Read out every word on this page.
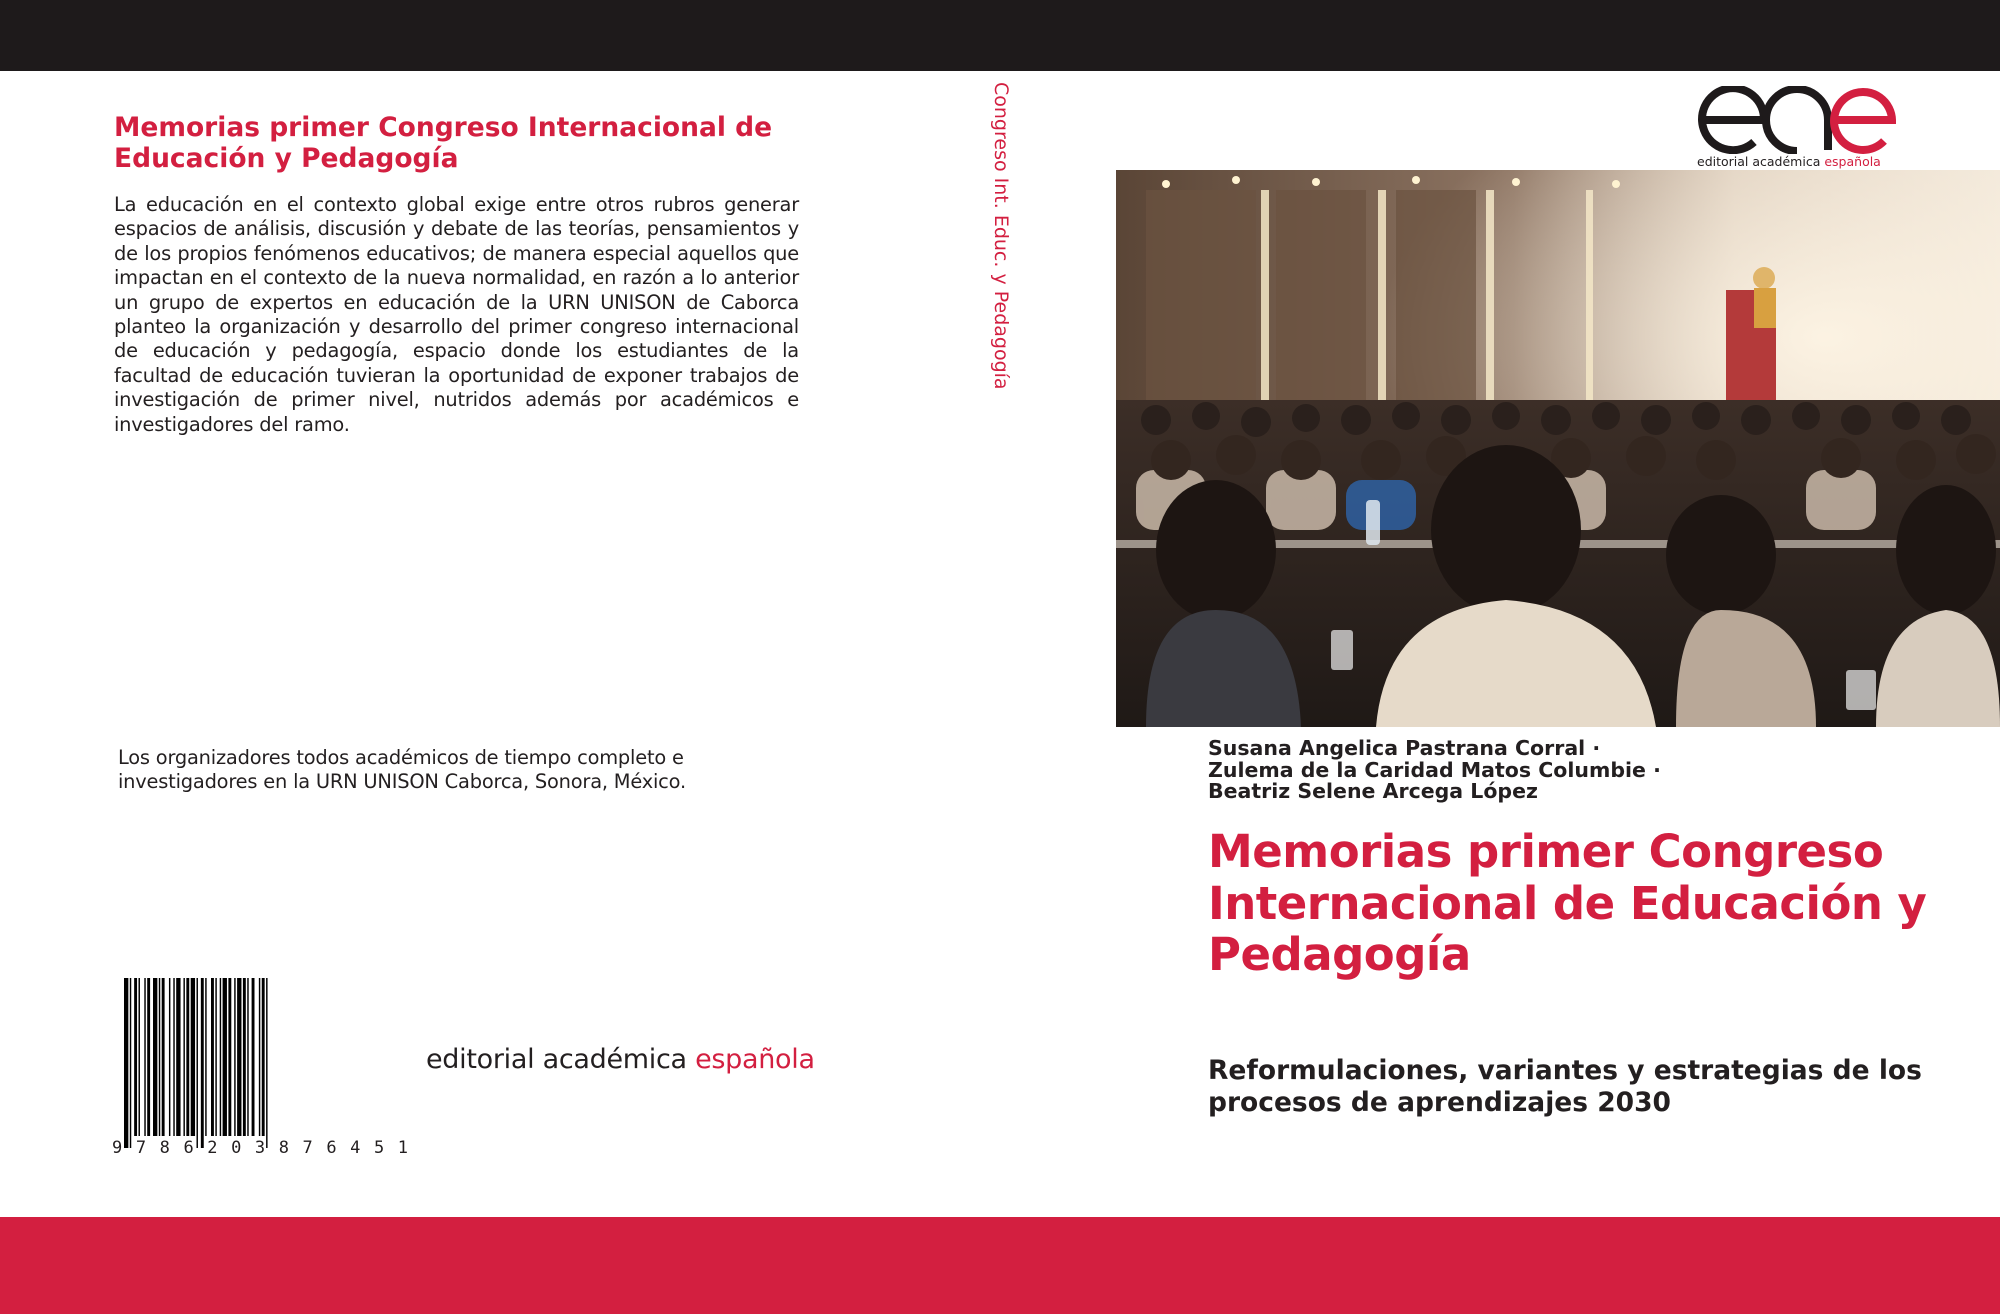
Memorias primer Congreso Internacional de Educación y Pedagogía

La educación en el contexto global exige entre otros rubros generar espacios de análisis, discusión y debate de las teorías, pensamientos y de los propios fenómenos educativos; de manera especial aquellos que impactan en el contexto de la nueva normalidad, en razón a lo anterior un grupo de expertos en educación de la URN UNISON de Caborca planteo la organización y desarrollo del primer congreso internacional de educación y pedagogía, espacio donde los estudiantes de la facultad de educación tuvieran la oportunidad de exponer trabajos de investigación de primer nivel, nutridos además por académicos e investigadores del ramo.

Los organizadores todos académicos de tiempo completo e investigadores en la URN UNISON Caborca, Sonora, México.

9 7 8 6 2 0 3 8 7 6 4 5 1
editorial académica española
Congreso Int. Educ. y Pedagogía	editorial académica española
Susana Angelica Pastrana Corral ·
Zulema de la Caridad Matos Columbie ·
Beatriz Selene Arcega López
Memorias primer Congreso Internacional de Educación y Pedagogía
Reformulaciones, variantes y estrategias de los procesos de aprendizajes 2030
